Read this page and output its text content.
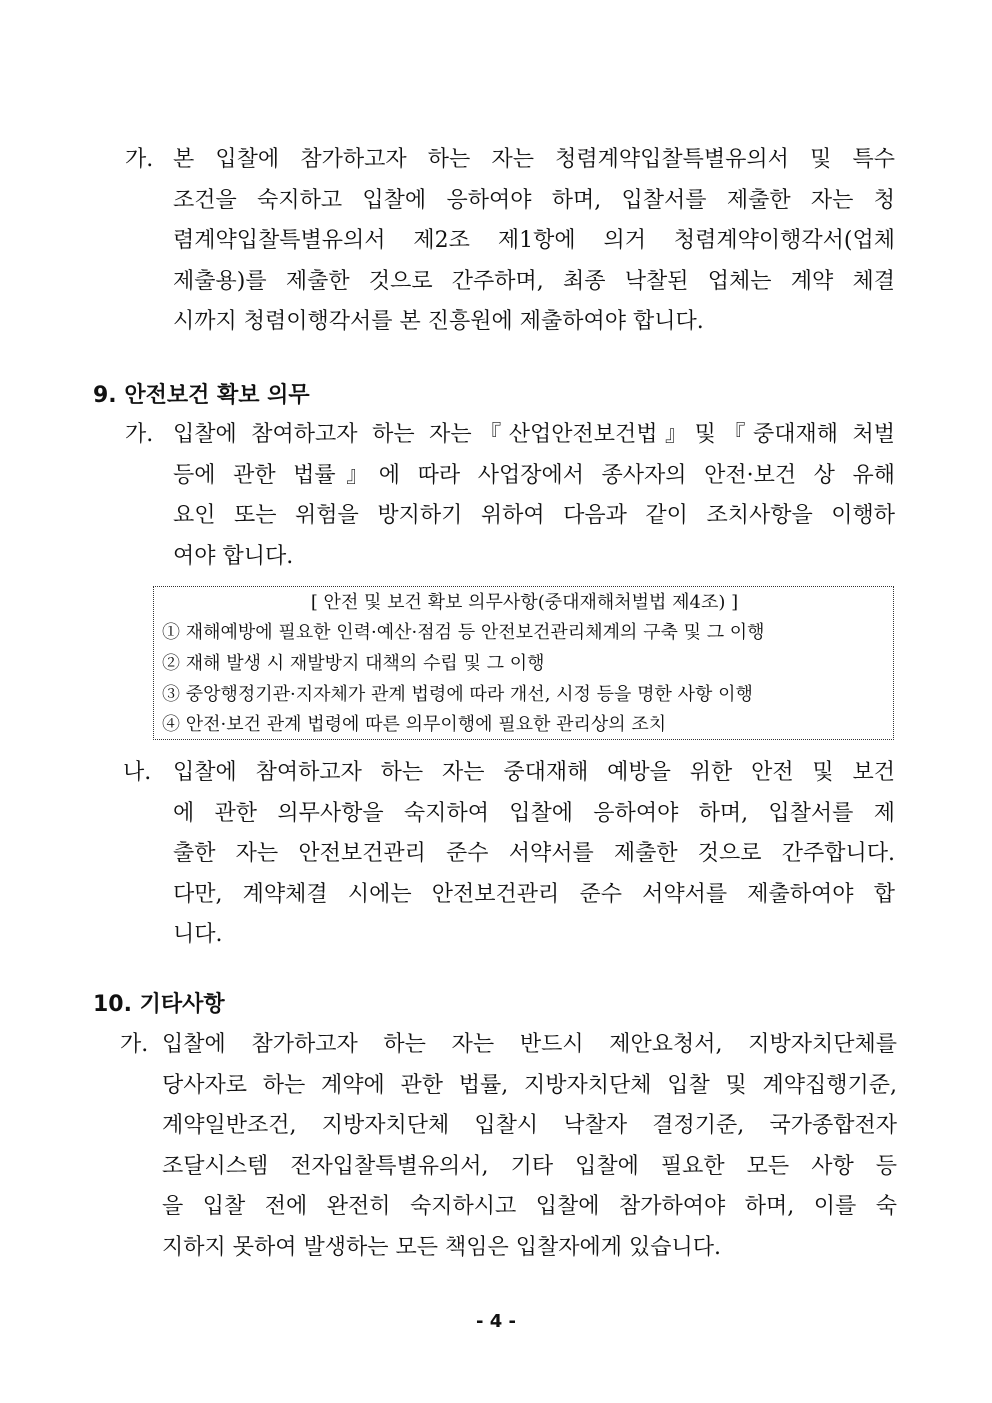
가. 본 입찰에 참가하고자 하는 자는 청렴계약입찰특별유의서 및 특수
조건을 숙지하고 입찰에 응하여야 하며, 입찰서를 제출한 자는 청
렴계약입찰특별유의서 제2조 제1항에 의거 청렴계약이행각서(업체
제출용)를 제출한 것으로 간주하며, 최종 낙찰된 업체는 계약 체결
시까지 청렴이행각서를 본 진흥원에 제출하여야 합니다.
9. 안전보건 확보 의무
가. 입찰에 참여하고자 하는 자는『산업안전보건법』및『중대재해 처벌
등에 관한 법률』에 따라 사업장에서 종사자의 안전·보건 상 유해
요인 또는 위험을 방지하기 위하여 다음과 같이 조치사항을 이행하
여야 합니다.
[ 안전 및 보건 확보 의무사항(중대재해처벌법 제4조) ]
① 재해예방에 필요한 인력·예산·점검 등 안전보건관리체계의 구축 및 그 이행
② 재해 발생 시 재발방지 대책의 수립 및 그 이행
③ 중앙행정기관·지자체가 관계 법령에 따라 개선, 시정 등을 명한 사항 이행
④ 안전·보건 관계 법령에 따른 의무이행에 필요한 관리상의 조치
나. 입찰에 참여하고자 하는 자는 중대재해 예방을 위한 안전 및 보건
에 관한 의무사항을 숙지하여 입찰에 응하여야 하며, 입찰서를 제
출한 자는 안전보건관리 준수 서약서를 제출한 것으로 간주합니다.
다만, 계약체결 시에는 안전보건관리 준수 서약서를 제출하여야 합
니다.
10. 기타사항
가. 입찰에 참가하고자 하는 자는 반드시 제안요청서, 지방자치단체를
당사자로 하는 계약에 관한 법률, 지방자치단체 입찰 및 계약집행기준,
계약일반조건, 지방자치단체 입찰시 낙찰자 결정기준, 국가종합전자
조달시스템 전자입찰특별유의서, 기타 입찰에 필요한 모든 사항 등
을 입찰 전에 완전히 숙지하시고 입찰에 참가하여야 하며, 이를 숙
지하지 못하여 발생하는 모든 책임은 입찰자에게 있습니다.
- 4 -
